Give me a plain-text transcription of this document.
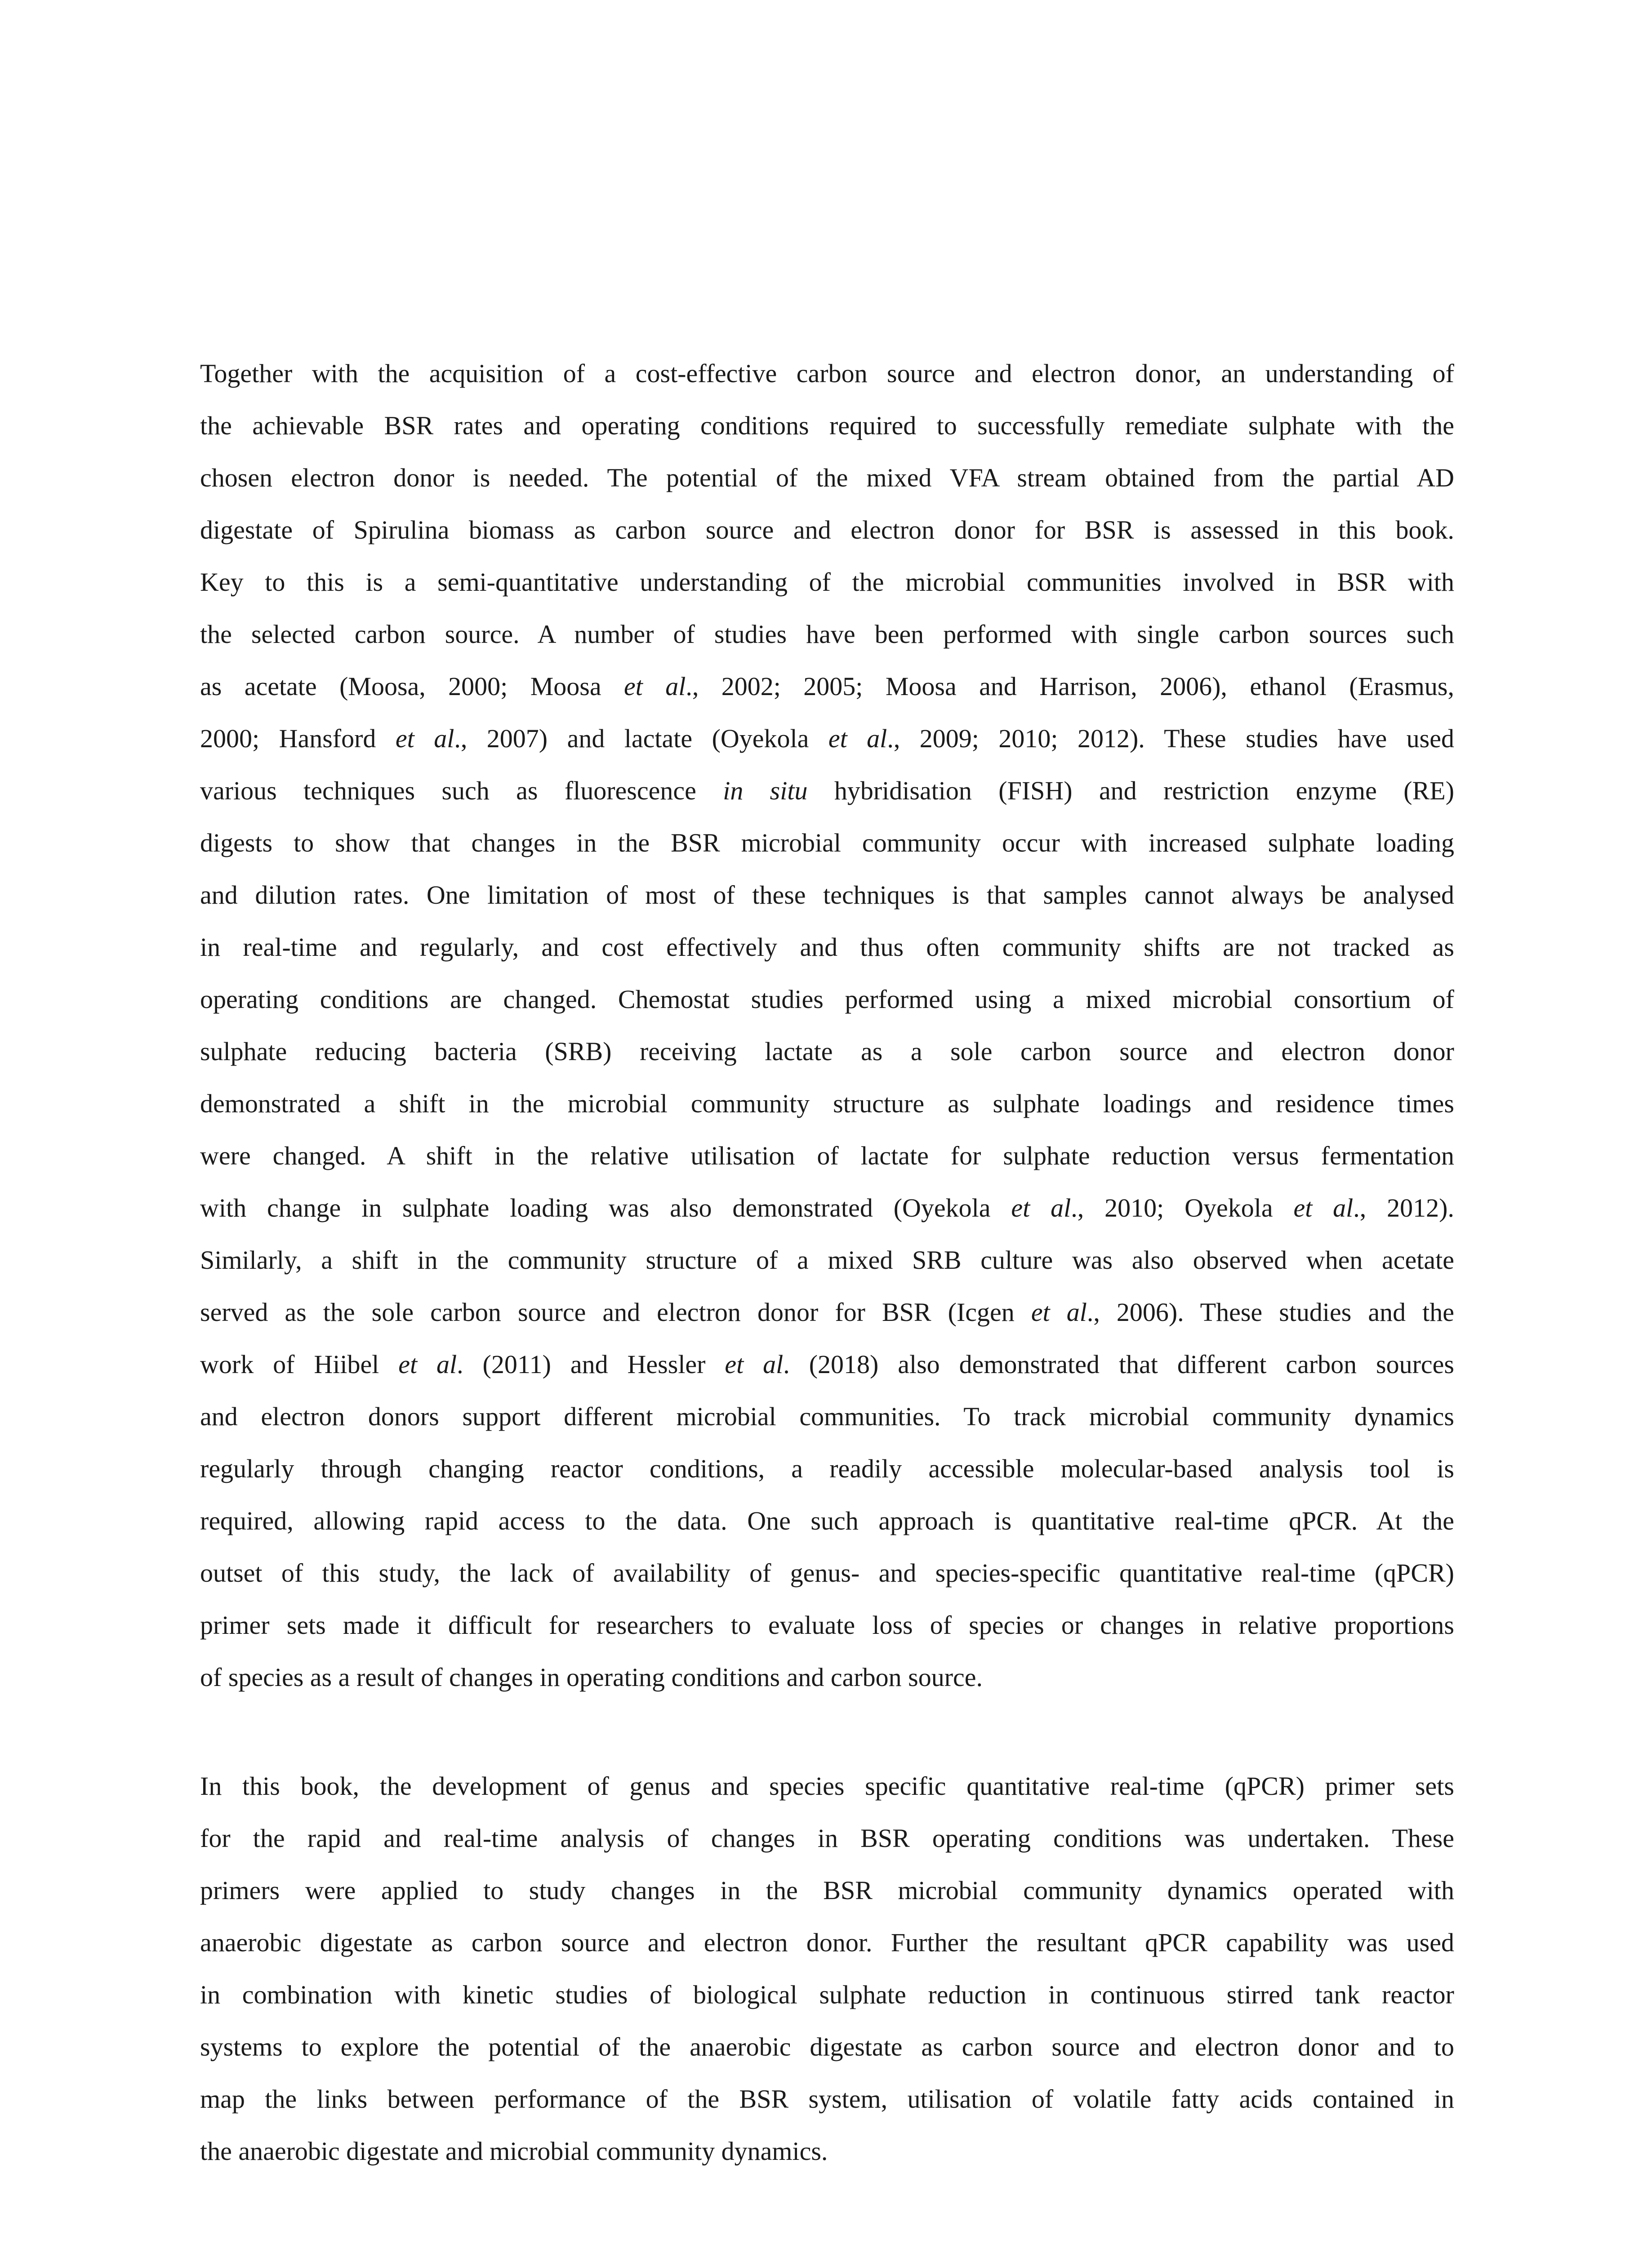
Together with the acquisition of a cost-effective carbon source and electron donor, an understanding of
the achievable BSR rates and operating conditions required to successfully remediate sulphate with the
chosen electron donor is needed. The potential of the mixed VFA stream obtained from the partial AD
digestate of Spirulina biomass as carbon source and electron donor for BSR is assessed in this book.
Key to this is a semi-quantitative understanding of the microbial communities involved in BSR with
the selected carbon source. A number of studies have been performed with single carbon sources such
as acetate (Moosa, 2000; Moosa et al., 2002; 2005; Moosa and Harrison, 2006), ethanol (Erasmus,
2000; Hansford et al., 2007) and lactate (Oyekola et al., 2009; 2010; 2012). These studies have used
various techniques such as fluorescence in situ hybridisation (FISH) and restriction enzyme (RE)
digests to show that changes in the BSR microbial community occur with increased sulphate loading
and dilution rates. One limitation of most of these techniques is that samples cannot always be analysed
in real-time and regularly, and cost effectively and thus often community shifts are not tracked as
operating conditions are changed. Chemostat studies performed using a mixed microbial consortium of
sulphate reducing bacteria (SRB) receiving lactate as a sole carbon source and electron donor
demonstrated a shift in the microbial community structure as sulphate loadings and residence times
were changed. A shift in the relative utilisation of lactate for sulphate reduction versus fermentation
with change in sulphate loading was also demonstrated (Oyekola et al., 2010; Oyekola et al., 2012).
Similarly, a shift in the community structure of a mixed SRB culture was also observed when acetate
served as the sole carbon source and electron donor for BSR (Icgen et al., 2006). These studies and the
work of Hiibel et al. (2011) and Hessler et al. (2018) also demonstrated that different carbon sources
and electron donors support different microbial communities. To track microbial community dynamics
regularly through changing reactor conditions, a readily accessible molecular-based analysis tool is
required, allowing rapid access to the data. One such approach is quantitative real-time qPCR. At the
outset of this study, the lack of availability of genus- and species-specific quantitative real-time (qPCR)
primer sets made it difficult for researchers to evaluate loss of species or changes in relative proportions
of species as a result of changes in operating conditions and carbon source.
In this book, the development of genus and species specific quantitative real-time (qPCR) primer sets
for the rapid and real-time analysis of changes in BSR operating conditions was undertaken. These
primers were applied to study changes in the BSR microbial community dynamics operated with
anaerobic digestate as carbon source and electron donor. Further the resultant qPCR capability was used
in combination with kinetic studies of biological sulphate reduction in continuous stirred tank reactor
systems to explore the potential of the anaerobic digestate as carbon source and electron donor and to
map the links between performance of the BSR system, utilisation of volatile fatty acids contained in
the anaerobic digestate and microbial community dynamics.
